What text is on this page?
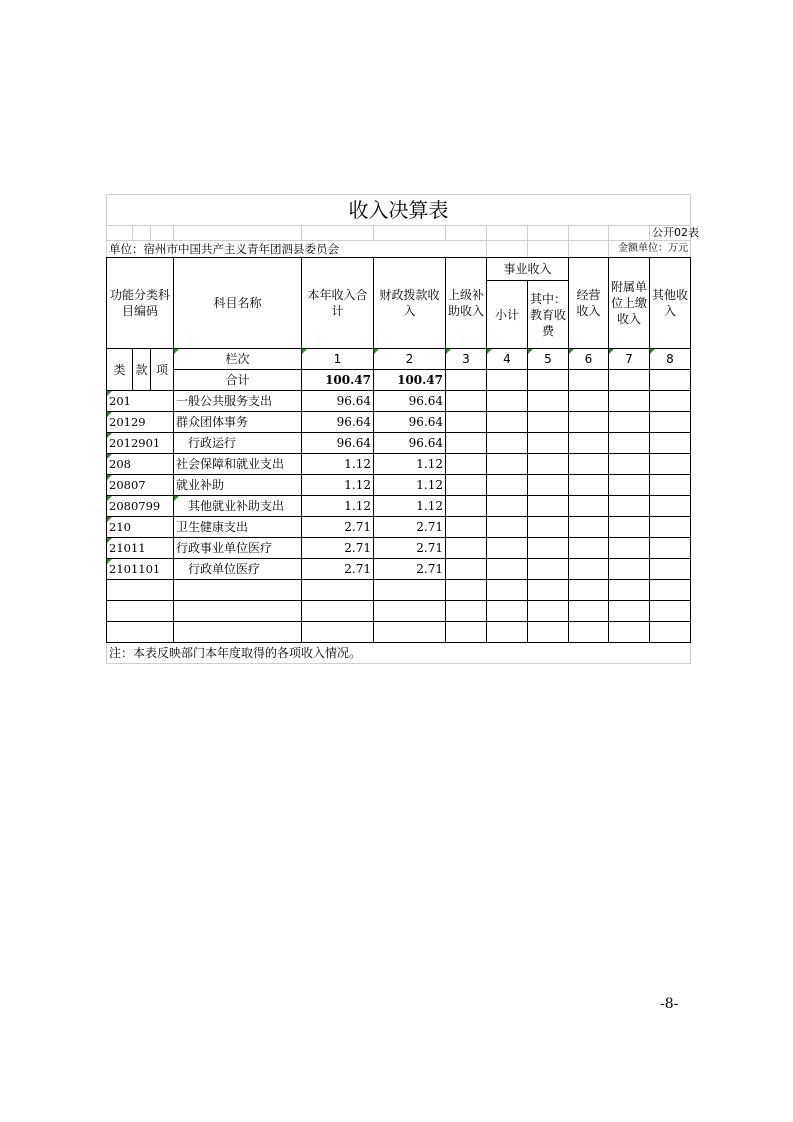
收入决算表											
											公开02表
单位：宿州市中国共产主义青年团泗县委员会										金额单位：万元	
功能分类科目编码			科目名称	本年收入合计	财政拨款收入	上级补助收入	事业收入		经营收入	附属单位上缴收入	其他收入
							小计	其中：教育收费			
类	款	项	栏次	1	2	3	4	5	6	7	8
			合计	100.47	100.47						
201			一般公共服务支出	96.64	96.64						
20129			群众团体事务	96.64	96.64						
2012901			　行政运行	96.64	96.64						
208			社会保障和就业支出	1.12	1.12						
20807			就业补助	1.12	1.12						
2080799			　其他就业补助支出	1.12	1.12						
210			卫生健康支出	2.71	2.71						
21011			行政事业单位医疗	2.71	2.71						
2101101			　行政单位医疗	2.71	2.71						

注：本表反映部门本年度取得的各项收入情况。											
-8-
